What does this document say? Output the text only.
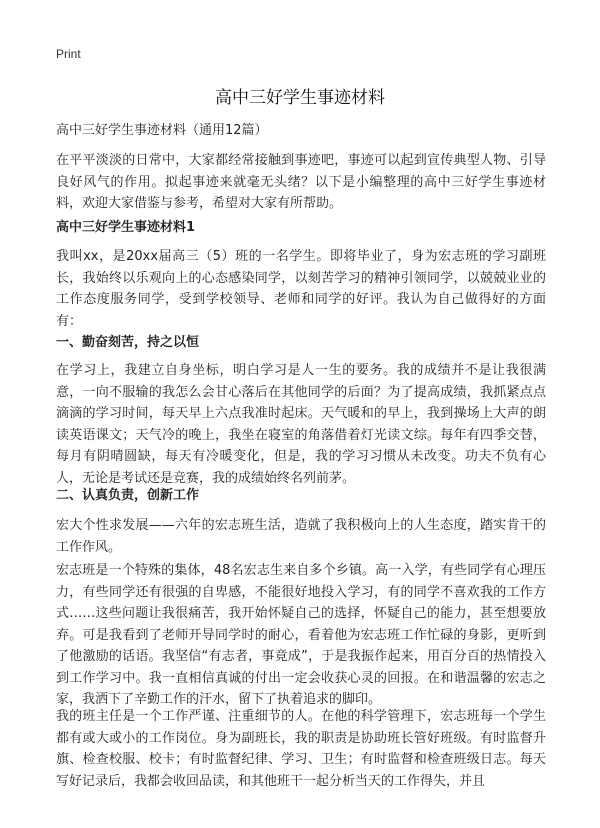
Print
高中三好学生事迹材料
高中三好学生事迹材料（通用12篇）
在平平淡淡的日常中，大家都经常接触到事迹吧，事迹可以起到宣传典型人物、引导良好风气的作用。拟起事迹来就毫无头绪？以下是小编整理的高中三好学生事迹材料，欢迎大家借鉴与参考，希望对大家有所帮助。
高中三好学生事迹材料1
我叫xx，是20xx届高三（5）班的一名学生。即将毕业了，身为宏志班的学习副班长，我始终以乐观向上的心态感染同学，以刻苦学习的精神引领同学，以兢兢业业的工作态度服务同学，受到学校领导、老师和同学的好评。我认为自己做得好的方面有：
一、勤奋刻苦，持之以恒
在学习上，我建立自身坐标，明白学习是人一生的要务。我的成绩并不是让我很满意，一向不服输的我怎么会甘心落后在其他同学的后面？为了提高成绩，我抓紧点点滴滴的学习时间，每天早上六点我准时起床。天气暖和的早上，我到操场上大声的朗读英语课文；天气冷的晚上，我坐在寝室的角落借着灯光读文综。每年有四季交替，每月有阴晴圆缺，每天有冷暖变化，但是，我的学习习惯从未改变。功夫不负有心人，无论是考试还是竞赛，我的成绩始终名列前茅。
二、认真负责，创新工作
宏大个性求发展——六年的宏志班生活，造就了我积极向上的人生态度，踏实肯干的工作作风。
宏志班是一个特殊的集体，48名宏志生来自多个乡镇。高一入学，有些同学有心理压力，有些同学还有很强的自卑感，不能很好地投入学习，有的同学不喜欢我的工作方式……这些问题让我很痛苦，我开始怀疑自己的选择，怀疑自己的能力，甚至想要放弃。可是我看到了老师开导同学时的耐心，看着他为宏志班工作忙碌的身影，更听到了他激励的话语。我坚信“有志者，事竟成”，于是我振作起来，用百分百的热情投入到工作学习中。我一直相信真诚的付出一定会收获心灵的回报。在和谐温馨的宏志之家，我洒下了辛勤工作的汗水，留下了执着追求的脚印。
我的班主任是一个工作严谨、注重细节的人。在他的科学管理下，宏志班每一个学生都有或大或小的工作岗位。身为副班长，我的职责是协助班长管好班级。有时监督升旗、检查校服、校卡；有时监督纪律、学习、卫生；有时监督和检查班级日志。每天写好记录后，我都会收回品读，和其他班干一起分析当天的工作得失，并且
